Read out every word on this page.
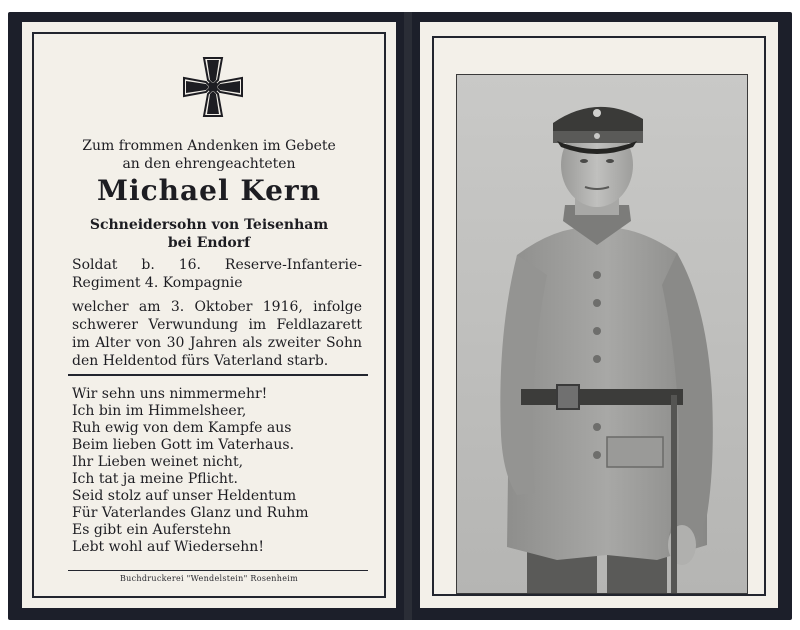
Zum frommen Andenken im Gebete
an den ehrengeachteten
Michael Kern
Schneidersohn von Teisenham
bei Endorf
Soldat b. 16. Reserve-Infanterie-Regiment 4. Kompagnie
welcher am 3. Oktober 1916, infolge schwerer Verwundung im Feldlazarett im Alter von 30 Jahren als zweiter Sohn den Heldentod fürs Vaterland starb.
Wir sehn uns nimmermehr!
Ich bin im Himmelsheer,
Ruh ewig von dem Kampfe aus
Beim lieben Gott im Vaterhaus.
Ihr Lieben weinet nicht,
Ich tat ja meine Pflicht.
Seid stolz auf unser Heldentum
Für Vaterlandes Glanz und Ruhm
Es gibt ein Auferstehn
Lebt wohl auf Wiedersehn!
Buchdruckerei "Wendelstein" Rosenheim
